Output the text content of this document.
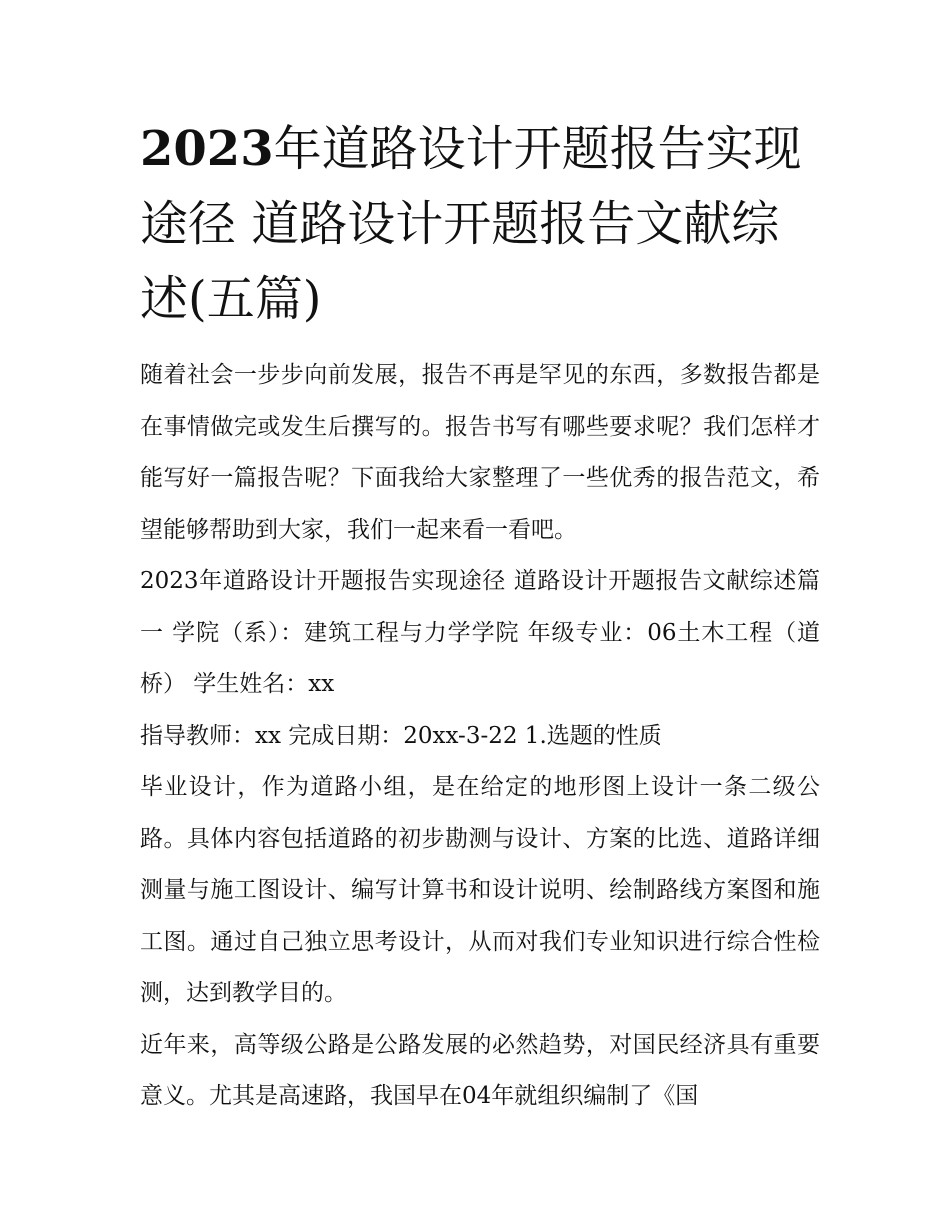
2023年道路设计开题报告实现途径 道路设计开题报告文献综述(五篇)

随着社会一步步向前发展，报告不再是罕见的东西，多数报告都是在事情做完或发生后撰写的。报告书写有哪些要求呢？我们怎样才能写好一篇报告呢？下面我给大家整理了一些优秀的报告范文，希望能够帮助到大家，我们一起来看一看吧。

2023年道路设计开题报告实现途径 道路设计开题报告文献综述篇一 学院（系）：建筑工程与力学学院 年级专业：06土木工程（道桥） 学生姓名：xx

指导教师：xx 完成日期：20xx-3-22 1.选题的性质

毕业设计，作为道路小组，是在给定的地形图上设计一条二级公路。具体内容包括道路的初步勘测与设计、方案的比选、道路详细测量与施工图设计、编写计算书和设计说明、绘制路线方案图和施工图。通过自己独立思考设计，从而对我们专业知识进行综合性检测，达到教学目的。

近年来，高等级公路是公路发展的必然趋势，对国民经济具有重要意义。尤其是高速路，我国早在04年就组织编制了《国
